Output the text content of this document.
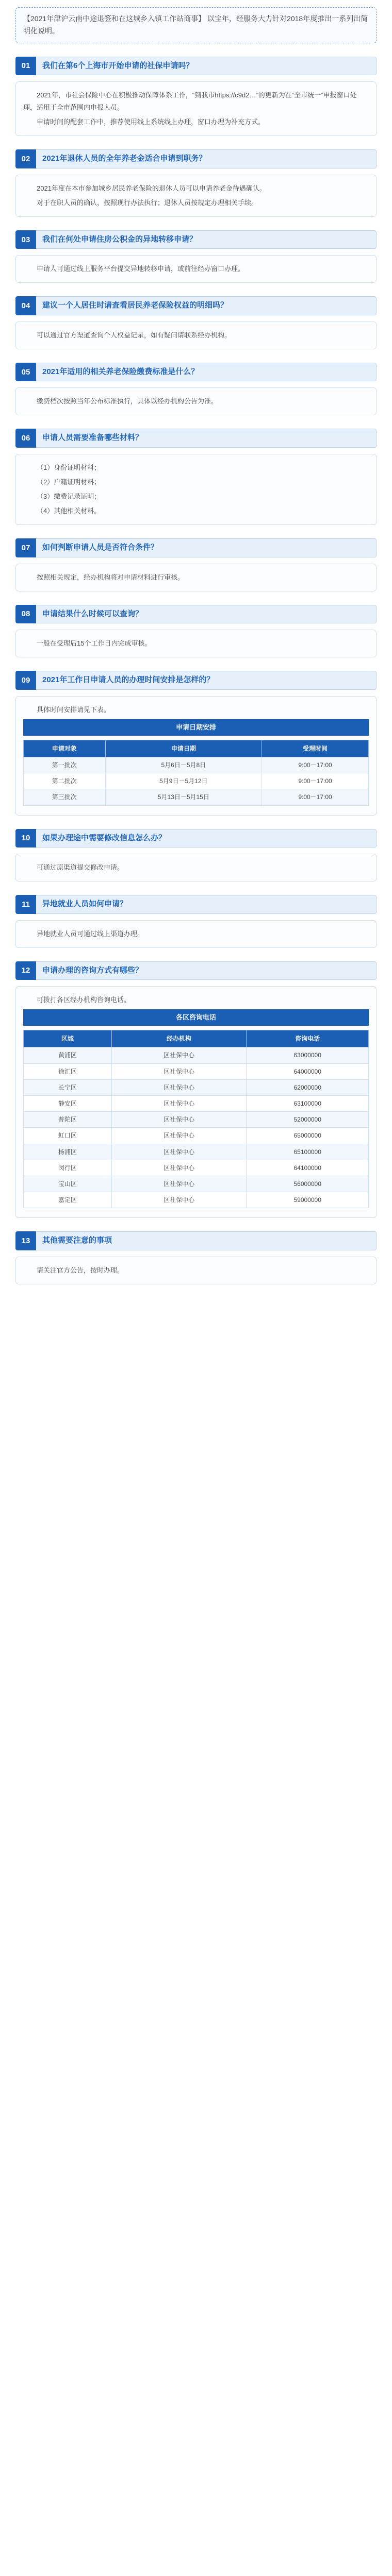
【2021年津沪云南中途退签和在这城乡入镇工作站商事】 以宝年，经服务大力针对2018年度推出一系列出简明化说明。
01	我们在第6个上海市开始申请的社保申请吗？

2021年，市社会保险中心在积极推动保障体系工作，“到我市https://c9d2…”的更新为在“全市统一”申报窗口处理，适用于全市范围内申报人员。

申请时间的配套工作中，推荐使用线上系统线上办理，窗口办理为补充方式。

02	2021年退休人员的全年养老金适合申请到职务？

2021年度在本市参加城乡居民养老保险的退休人员可以申请养老金待遇确认。

对于在职人员的确认，按照现行办法执行；退休人员按规定办理相关手续。

03	我们在何处申请住房公积金的异地转移申请？

申请人可通过线上服务平台提交异地转移申请，或前往经办窗口办理。

04	建议一个人居住时请查看居民养老保险权益的明细吗？

可以通过官方渠道查询个人权益记录，如有疑问请联系经办机构。

05	2021年适用的相关养老保险缴费标准是什么？

缴费档次按照当年公布标准执行，具体以经办机构公告为准。

06	申请人员需要准备哪些材料？

（1）身份证明材料；

（2）户籍证明材料；

（3）缴费记录证明；

（4）其他相关材料。

07	如何判断申请人员是否符合条件？

按照相关规定，经办机构将对申请材料进行审核。

08	申请结果什么时候可以查询？

一般在受理后15个工作日内完成审核。

09	2021年工作日申请人员的办理时间安排是怎样的？

具体时间安排请见下表。

申请日期安排
申请对象	申请日期	受理时间
第一批次	5月6日－5月8日	9:00－17:00
第二批次	5月9日－5月12日	9:00－17:00
第三批次	5月13日－5月15日	9:00－17:00
10	如果办理途中需要修改信息怎么办？

可通过原渠道提交修改申请。

11	异地就业人员如何申请？

异地就业人员可通过线上渠道办理。

12	申请办理的咨询方式有哪些？

可拨打各区经办机构咨询电话。

各区咨询电话
区域	经办机构	咨询电话
黄浦区	区社保中心	63000000
徐汇区	区社保中心	64000000
长宁区	区社保中心	62000000
静安区	区社保中心	63100000
普陀区	区社保中心	52000000
虹口区	区社保中心	65000000
杨浦区	区社保中心	65100000
闵行区	区社保中心	64100000
宝山区	区社保中心	56000000
嘉定区	区社保中心	59000000
13	其他需要注意的事项

请关注官方公告，按时办理。
